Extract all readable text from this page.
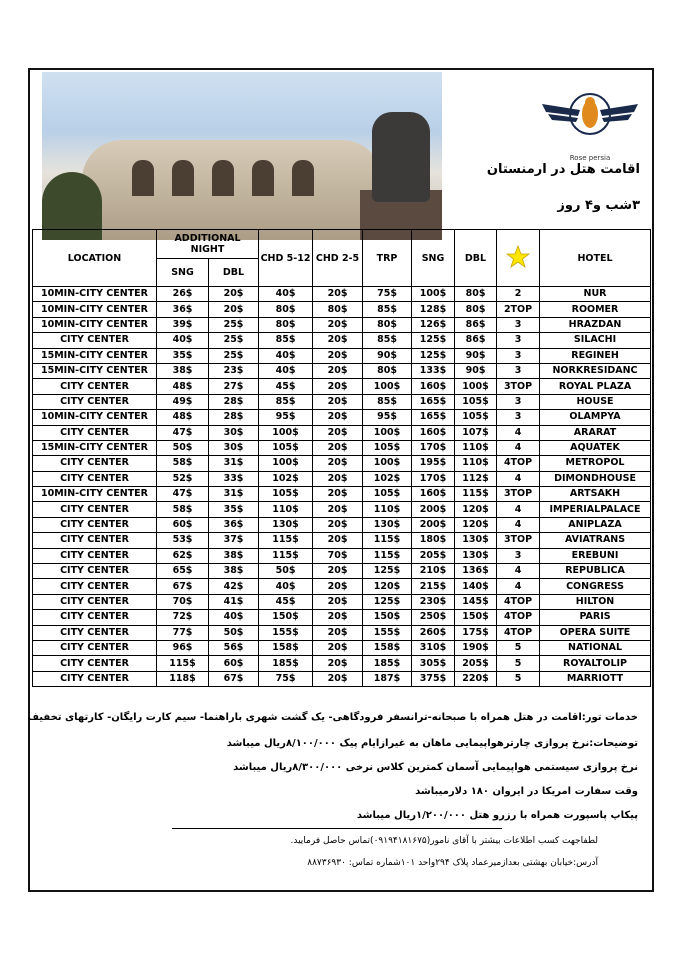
Rose persia
اقامت هتل در ارمنستان
۳شب و۴ روز
LOCATION	ADDITIONAL NIGHT		CHD 5-12	CHD 2-5	TRP	SNG	DBL		HOTEL
	SNG	DBL							
10MIN-CITY CENTER	26$	20$	40$	20$	75$	100$	80$	2	NUR
10MIN-CITY CENTER	36$	20$	80$	80$	85$	128$	80$	2TOP	ROOMER
10MIN-CITY CENTER	39$	25$	80$	20$	80$	126$	86$	3	HRAZDAN
CITY CENTER	40$	25$	85$	20$	85$	125$	86$	3	SILACHI
15MIN-CITY CENTER	35$	25$	40$	20$	90$	125$	90$	3	REGINEH
15MIN-CITY CENTER	38$	23$	40$	20$	80$	133$	90$	3	NORKRESIDANC
CITY CENTER	48$	27$	45$	20$	100$	160$	100$	3TOP	ROYAL PLAZA
CITY CENTER	49$	28$	85$	20$	85$	165$	105$	3	HOUSE
10MIN-CITY CENTER	48$	28$	95$	20$	95$	165$	105$	3	OLAMPYA
CITY CENTER	47$	30$	100$	20$	100$	160$	107$	4	ARARAT
15MIN-CITY CENTER	50$	30$	105$	20$	105$	170$	110$	4	AQUATEK
CITY CENTER	58$	31$	100$	20$	100$	195$	110$	4TOP	METROPOL
CITY CENTER	52$	33$	102$	20$	102$	170$	112$	4	DIMONDHOUSE
10MIN-CITY CENTER	47$	31$	105$	20$	105$	160$	115$	3TOP	ARTSAKH
CITY CENTER	58$	35$	110$	20$	110$	200$	120$	4	IMPERIALPALACE
CITY CENTER	60$	36$	130$	20$	130$	200$	120$	4	ANIPLAZA
CITY CENTER	53$	37$	115$	20$	115$	180$	130$	3TOP	AVIATRANS
CITY CENTER	62$	38$	115$	70$	115$	205$	130$	3	EREBUNI
CITY CENTER	65$	38$	50$	20$	125$	210$	136$	4	REPUBLICA
CITY CENTER	67$	42$	40$	20$	120$	215$	140$	4	CONGRESS
CITY CENTER	70$	41$	45$	20$	125$	230$	145$	4TOP	HILTON
CITY CENTER	72$	40$	150$	20$	150$	250$	150$	4TOP	PARIS
CITY CENTER	77$	50$	155$	20$	155$	260$	175$	4TOP	OPERA SUITE
CITY CENTER	96$	56$	158$	20$	158$	310$	190$	5	NATIONAL
CITY CENTER	115$	60$	185$	20$	185$	305$	205$	5	ROYALTOLIP
CITY CENTER	118$	67$	75$	20$	187$	375$	220$	5	MARRIOTT
خدمات تور:اقامت در هتل همراه با صبحانه-ترانسفر فرودگاهی- یک گشت شهری باراهنما- سیم کارت رایگان- کارتهای تخفیف
توضیحات:نرخ پروازی چارترهواپیمایی ماهان به غیرازایام پیک ۸/۱۰۰/۰۰۰ریال میباشد
نرخ پروازی سیستمی هواپیمایی آسمان کمترین کلاس نرخی ۸/۳۰۰/۰۰۰ریال میباشد
وقت سفارت امریکا در ایروان ۱۸۰ دلارمیباشد
پیکاپ پاسپورت همراه با رزرو هتل ۱/۲۰۰/۰۰۰ریال میباشد
لطفاجهت کسب اطلاعات بیشتر با آقای نامور(۰۹۱۹۴۱۸۱۶۷۵)تماس حاصل فرمایید.
آدرس:خیابان بهشتی بعدازمیرعماد پلاک ۲۹۴واحد ۱۰۱شماره تماس: ۸۸۷۳۶۹۳۰
